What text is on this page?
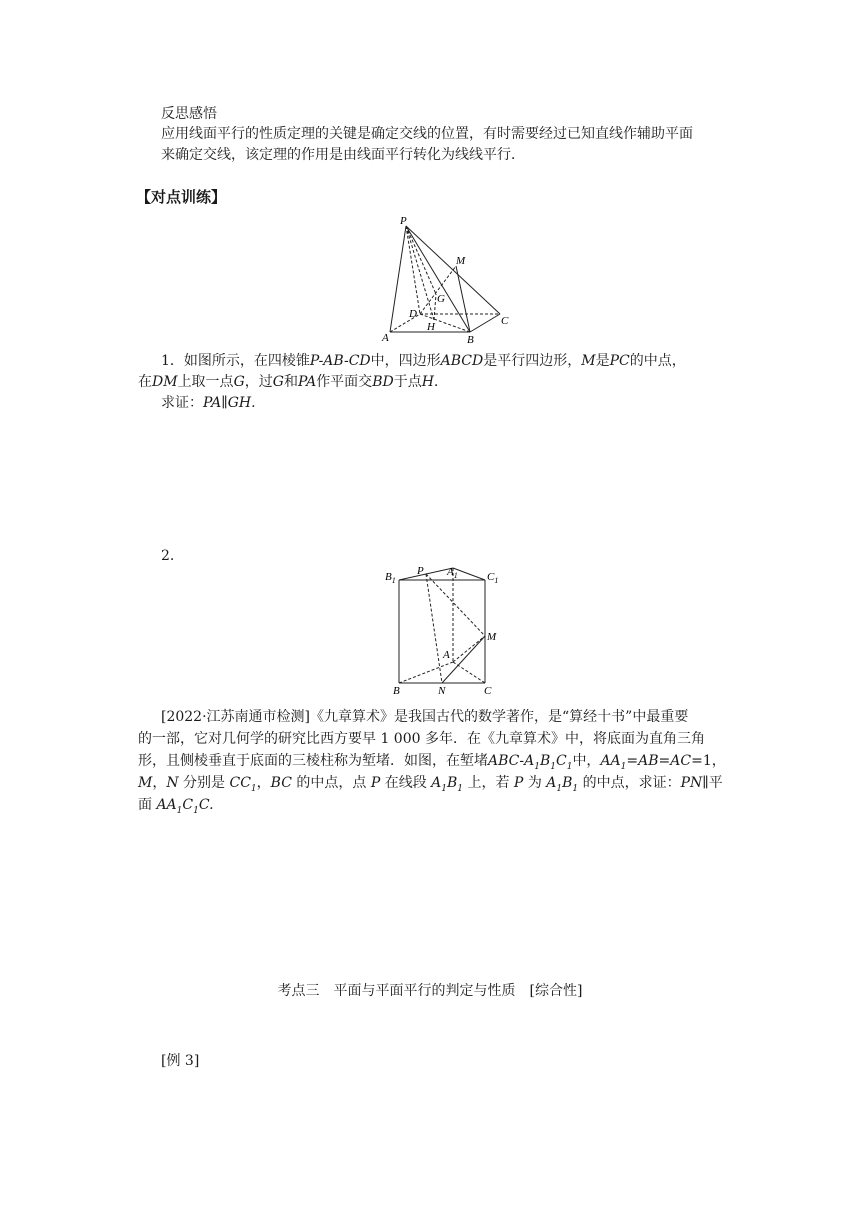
反思感悟
应用线面平行的性质定理的关键是确定交线的位置，有时需要经过已知直线作辅助平面
来确定交线，该定理的作用是由线面平行转化为线线平行．
【对点训练】
P
M
G
D
H	C
A	B
1．如图所示，在四棱锥P-AB-CD中，四边形ABCD是平行四边形，M是PC的中点，
在DM上取一点G，过G和PA作平面交BD于点H.
求证：PA∥GH.
2.
$A_1$
P
$B_1$	$C_1$
M
A
B	N	C
[2022·江苏南通市检测]《九章算术》是我国古代的数学著作，是“算经十书”中最重要
的一部，它对几何学的研究比西方要早 1 000 多年．在《九章算术》中，将底面为直角三角
形，且侧棱垂直于底面的三棱柱称为堑堵．如图，在堑堵ABC-$A_1B_1C_1$中，$AA_1=AB=AC=1$，
M，N 分别是 $CC_1$，BC 的中点，点 P 在线段 $A_1B_1$ 上，若 P 为 $A_1B_1$ 的中点，求证：PN∥平
面 $AA_1C_1C$.
考点三　平面与平面平行的判定与性质　[综合性]
[例 3]
